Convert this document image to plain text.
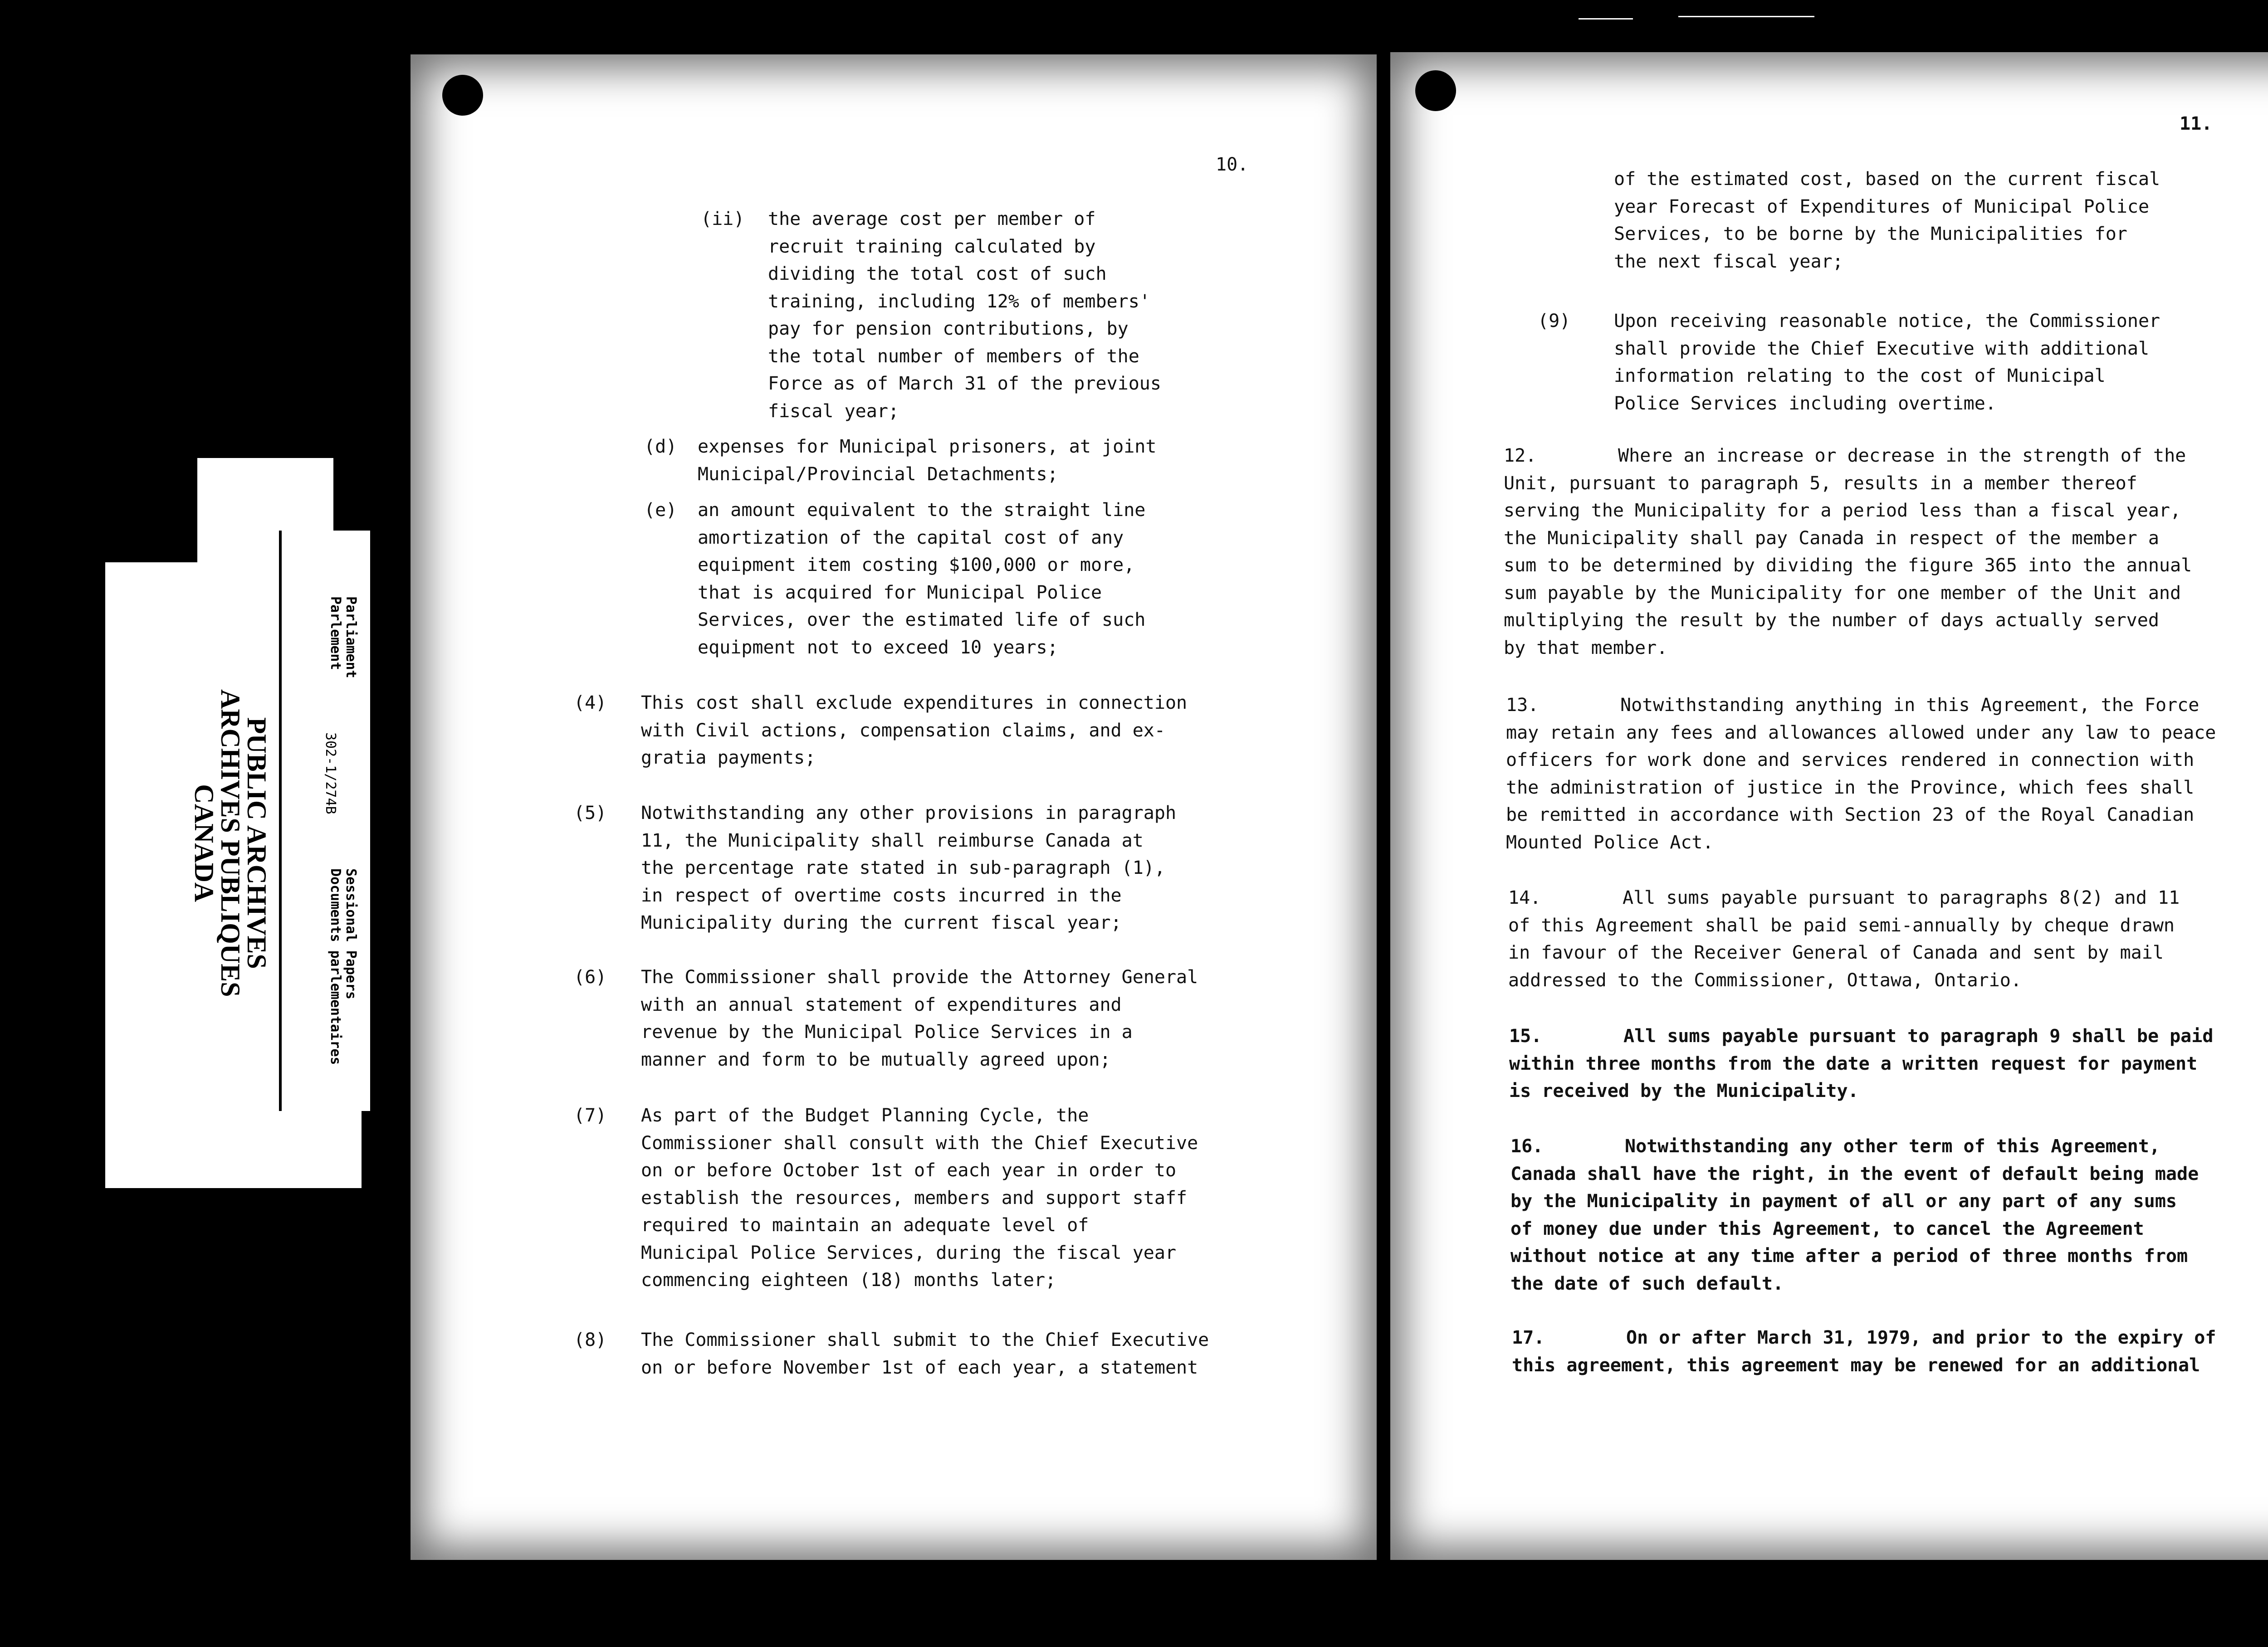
PUBLIC ARCHIVES
ARCHIVES PUBLIQUES
CANADA
Parliament
Parlement
302-1/274B
Sessional Papers
Documents parlementaires
10.
(ii) the average cost per member of
recruit training calculated by
dividing the total cost of such
training, including 12% of members'
pay for pension contributions, by
the total number of members of the
Force as of March 31 of the previous
fiscal year;
(d) expenses for Municipal prisoners, at joint
Municipal/Provincial Detachments;
(e) an amount equivalent to the straight line
amortization of the capital cost of any
equipment item costing $100,000 or more,
that is acquired for Municipal Police
Services, over the estimated life of such
equipment not to exceed 10 years;
(4) This cost shall exclude expenditures in connection
with Civil actions, compensation claims, and ex-
gratia payments;
(5) Notwithstanding any other provisions in paragraph
11, the Municipality shall reimburse Canada at
the percentage rate stated in sub-paragraph (1),
in respect of overtime costs incurred in the
Municipality during the current fiscal year;
(6) The Commissioner shall provide the Attorney General
with an annual statement of expenditures and
revenue by the Municipal Police Services in a
manner and form to be mutually agreed upon;
(7) As part of the Budget Planning Cycle, the
Commissioner shall consult with the Chief Executive
on or before October 1st of each year in order to
establish the resources, members and support staff
required to maintain an adequate level of
Municipal Police Services, during the fiscal year
commencing eighteen (18) months later;
(8) The Commissioner shall submit to the Chief Executive
on or before November 1st of each year, a statement
11.
of the estimated cost, based on the current fiscal
year Forecast of Expenditures of Municipal Police
Services, to be borne by the Municipalities for
the next fiscal year;
(9) Upon receiving reasonable notice, the Commissioner
shall provide the Chief Executive with additional
information relating to the cost of Municipal
Police Services including overtime.
12.	Where an increase or decrease in the strength of the
Unit, pursuant to paragraph 5, results in a member thereof
serving the Municipality for a period less than a fiscal year,
the Municipality shall pay Canada in respect of the member a
sum to be determined by dividing the figure 365 into the annual
sum payable by the Municipality for one member of the Unit and
multiplying the result by the number of days actually served
by that member.
13.	Notwithstanding anything in this Agreement, the Force
may retain any fees and allowances allowed under any law to peace
officers for work done and services rendered in connection with
the administration of justice in the Province, which fees shall
be remitted in accordance with Section 23 of the Royal Canadian
Mounted Police Act.
14.	All sums payable pursuant to paragraphs 8(2) and 11
of this Agreement shall be paid semi-annually by cheque drawn
in favour of the Receiver General of Canada and sent by mail
addressed to the Commissioner, Ottawa, Ontario.
15.	All sums payable pursuant to paragraph 9 shall be paid
within three months from the date a written request for payment
is received by the Municipality.
16.	Notwithstanding any other term of this Agreement,
Canada shall have the right, in the event of default being made
by the Municipality in payment of all or any part of any sums
of money due under this Agreement, to cancel the Agreement
without notice at any time after a period of three months from
the date of such default.
17.	On or after March 31, 1979, and prior to the expiry of
this agreement, this agreement may be renewed for an additional
